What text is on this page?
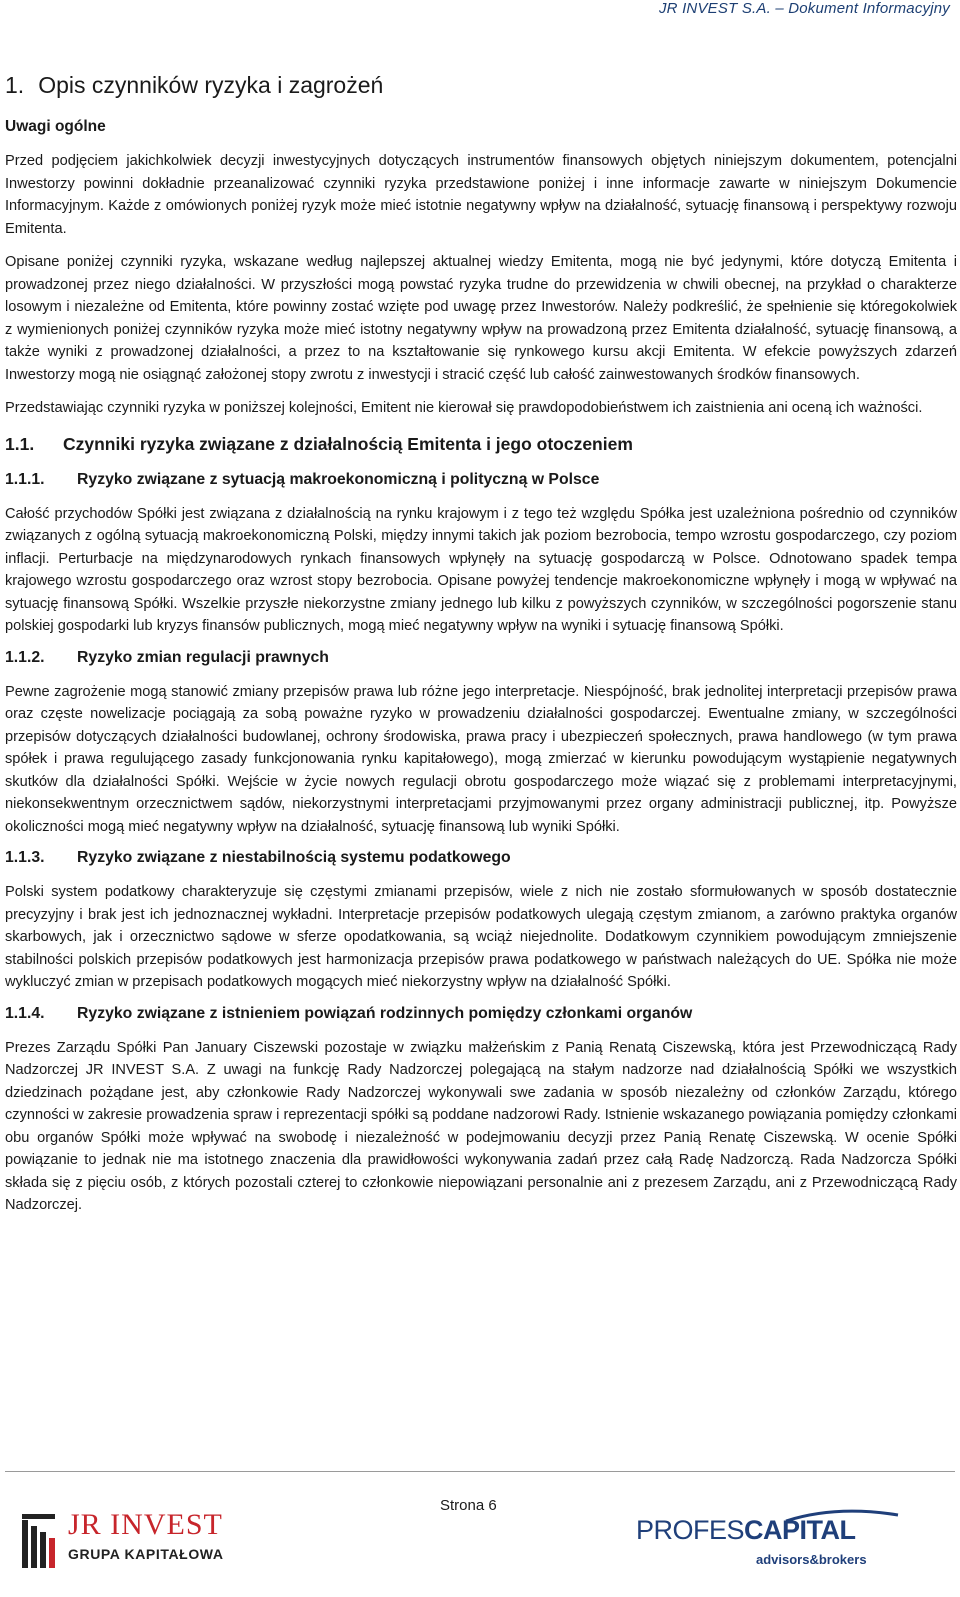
JR INVEST S.A. – Dokument Informacyjny
1. Opis czynników ryzyka i zagrożeń
Uwagi ogólne

Przed podjęciem jakichkolwiek decyzji inwestycyjnych dotyczących instrumentów finansowych objętych niniejszym dokumentem, potencjalni Inwestorzy powinni dokładnie przeanalizować czynniki ryzyka przedstawione poniżej i inne informacje zawarte w niniejszym Dokumencie Informacyjnym. Każde z omówionych poniżej ryzyk może mieć istotnie negatywny wpływ na działalność, sytuację finansową i perspektywy rozwoju Emitenta.

Opisane poniżej czynniki ryzyka, wskazane według najlepszej aktualnej wiedzy Emitenta, mogą nie być jedynymi, które dotyczą Emitenta i prowadzonej przez niego działalności. W przyszłości mogą powstać ryzyka trudne do przewidzenia w chwili obecnej, na przykład o charakterze losowym i niezależne od Emitenta, które powinny zostać wzięte pod uwagę przez Inwestorów. Należy podkreślić, że spełnienie się któregokolwiek z wymienionych poniżej czynników ryzyka może mieć istotny negatywny wpływ na prowadzoną przez Emitenta działalność, sytuację finansową, a także wyniki z prowadzonej działalności, a przez to na kształtowanie się rynkowego kursu akcji Emitenta. W efekcie powyższych zdarzeń Inwestorzy mogą nie osiągnąć założonej stopy zwrotu z inwestycji i stracić część lub całość zainwestowanych środków finansowych.

Przedstawiając czynniki ryzyka w poniższej kolejności, Emitent nie kierował się prawdopodobieństwem ich zaistnienia ani oceną ich ważności.

1.1. Czynniki ryzyka związane z działalnością Emitenta i jego otoczeniem
1.1.1. Ryzyko związane z sytuacją makroekonomiczną i polityczną w Polsce

Całość przychodów Spółki jest związana z działalnością na rynku krajowym i z tego też względu Spółka jest uzależniona pośrednio od czynników związanych z ogólną sytuacją makroekonomiczną Polski, między innymi takich jak poziom bezrobocia, tempo wzrostu gospodarczego, czy poziom inflacji. Perturbacje na międzynarodowych rynkach finansowych wpłynęły na sytuację gospodarczą w Polsce. Odnotowano spadek tempa krajowego wzrostu gospodarczego oraz wzrost stopy bezrobocia. Opisane powyżej tendencje makroekonomiczne wpłynęły i mogą w wpływać na sytuację finansową Spółki. Wszelkie przyszłe niekorzystne zmiany jednego lub kilku z powyższych czynników, w szczególności pogorszenie stanu polskiej gospodarki lub kryzys finansów publicznych, mogą mieć negatywny wpływ na wyniki i sytuację finansową Spółki.

1.1.2. Ryzyko zmian regulacji prawnych

Pewne zagrożenie mogą stanowić zmiany przepisów prawa lub różne jego interpretacje. Niespójność, brak jednolitej interpretacji przepisów prawa oraz częste nowelizacje pociągają za sobą poważne ryzyko w prowadzeniu działalności gospodarczej. Ewentualne zmiany, w szczególności przepisów dotyczących działalności budowlanej, ochrony środowiska, prawa pracy i ubezpieczeń społecznych, prawa handlowego (w tym prawa spółek i prawa regulującego zasady funkcjonowania rynku kapitałowego), mogą zmierzać w kierunku powodującym wystąpienie negatywnych skutków dla działalności Spółki. Wejście w życie nowych regulacji obrotu gospodarczego może wiązać się z problemami interpretacyjnymi, niekonsekwentnym orzecznictwem sądów, niekorzystnymi interpretacjami przyjmowanymi przez organy administracji publicznej, itp. Powyższe okoliczności mogą mieć negatywny wpływ na działalność, sytuację finansową lub wyniki Spółki.

1.1.3. Ryzyko związane z niestabilnością systemu podatkowego

Polski system podatkowy charakteryzuje się częstymi zmianami przepisów, wiele z nich nie zostało sformułowanych w sposób dostatecznie precyzyjny i brak jest ich jednoznacznej wykładni. Interpretacje przepisów podatkowych ulegają częstym zmianom, a zarówno praktyka organów skarbowych, jak i orzecznictwo sądowe w sferze opodatkowania, są wciąż niejednolite. Dodatkowym czynnikiem powodującym zmniejszenie stabilności polskich przepisów podatkowych jest harmonizacja przepisów prawa podatkowego w państwach należących do UE. Spółka nie może wykluczyć zmian w przepisach podatkowych mogących mieć niekorzystny wpływ na działalność Spółki.

1.1.4. Ryzyko związane z istnieniem powiązań rodzinnych pomiędzy członkami organów

Prezes Zarządu Spółki Pan January Ciszewski pozostaje w związku małżeńskim z Panią Renatą Ciszewską, która jest Przewodniczącą Rady Nadzorczej JR INVEST S.A. Z uwagi na funkcję Rady Nadzorczej polegającą na stałym nadzorze nad działalnością Spółki we wszystkich dziedzinach pożądane jest, aby członkowie Rady Nadzorczej wykonywali swe zadania w sposób niezależny od członków Zarządu, którego czynności w zakresie prowadzenia spraw i reprezentacji spółki są poddane nadzorowi Rady. Istnienie wskazanego powiązania pomiędzy członkami obu organów Spółki może wpływać na swobodę i niezależność w podejmowaniu decyzji przez Panią Renatę Ciszewską. W ocenie Spółki powiązanie to jednak nie ma istotnego znaczenia dla prawidłowości wykonywania zadań przez całą Radę Nadzorczą. Rada Nadzorcza Spółki składa się z pięciu osób, z których pozostali czterej to członkowie niepowiązani personalnie ani z prezesem Zarządu, ani z Przewodniczącą Rady Nadzorczej.

Strona 6
JR INVEST
GRUPA KAPITAŁOWA
PROFESCAPITAL
advisors&brokers
